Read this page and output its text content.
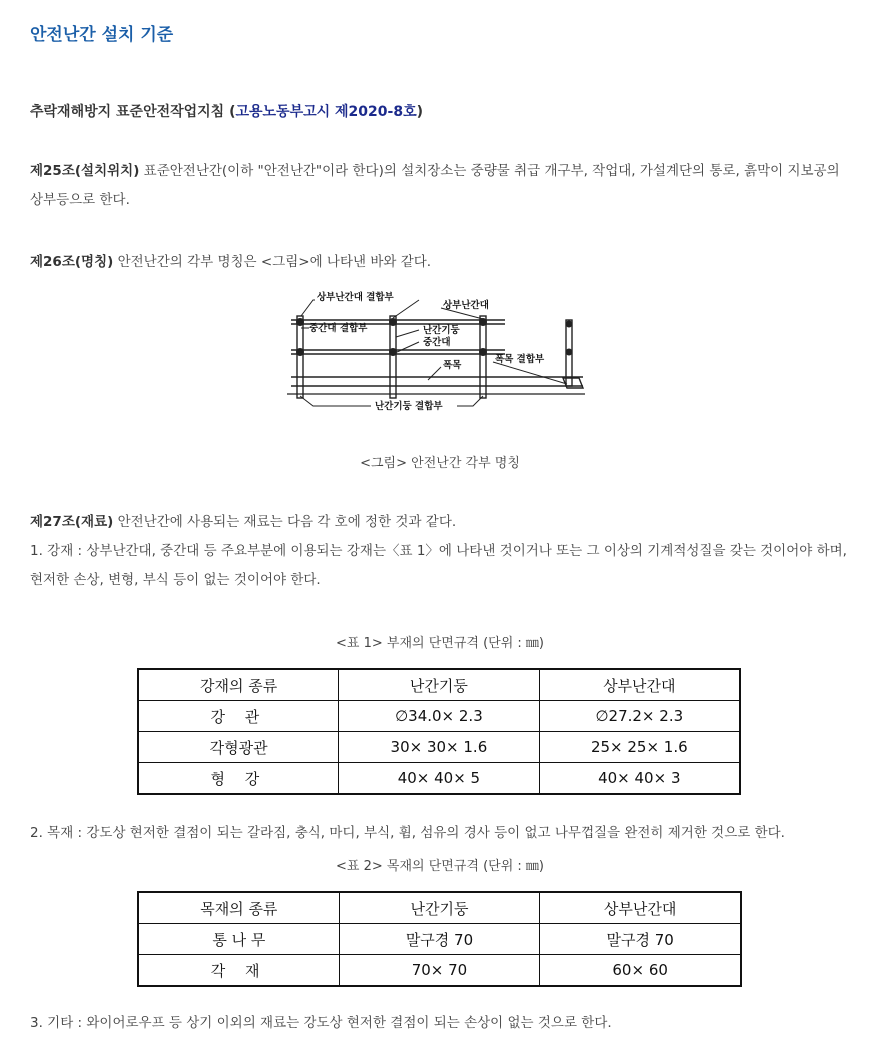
안전난간 설치 기준
추락재해방지 표준안전작업지침 (고용노동부고시 제2020-8호)
제25조(설치위치) 표준안전난간(이하 "안전난간"이라 한다)의 설치장소는 중량물 취급 개구부, 작업대, 가설계단의 통로, 흙막이 지보공의 상부등으로 한다.
제26조(명칭) 안전난간의 각부 명칭은 <그림>에 나타낸 바와 같다.
상부난간대 결합부
상부난간대
중간대 결합부	난간기둥
중간대
폭목
폭목 결합부
난간기둥 결합부
<그림> 안전난간 각부 명칭
제27조(재료) 안전난간에 사용되는 재료는 다음 각 호에 정한 것과 같다.
1. 강재 : 상부난간대, 중간대 등 주요부분에 이용되는 강재는〈표 1〉에 나타낸 것이거나 또는 그 이상의 기계적성질을 갖는 것이어야 하며, 현저한 손상, 변형, 부식 등이 없는 것이어야 한다.
<표 1> 부재의 단면규격 (단위 : ㎜)
강재의 종류	난간기둥	상부난간대
강 관	∅34.0× 2.3	∅27.2× 2.3
각형광관	30× 30× 1.6	25× 25× 1.6
형 강	40× 40× 5	40× 40× 3
2. 목재 : 강도상 현저한 결점이 되는 갈라짐, 충식, 마디, 부식, 휨, 섬유의 경사 등이 없고 나무껍질을 완전히 제거한 것으로 한다.
<표 2> 목재의 단면규격 (단위 : ㎜)
목재의 종류	난간기둥	상부난간대
통 나 무	말구경 70	말구경 70
각 재	70× 70	60× 60
3. 기타 : 와이어로우프 등 상기 이외의 재료는 강도상 현저한 결점이 되는 손상이 없는 것으로 한다.
